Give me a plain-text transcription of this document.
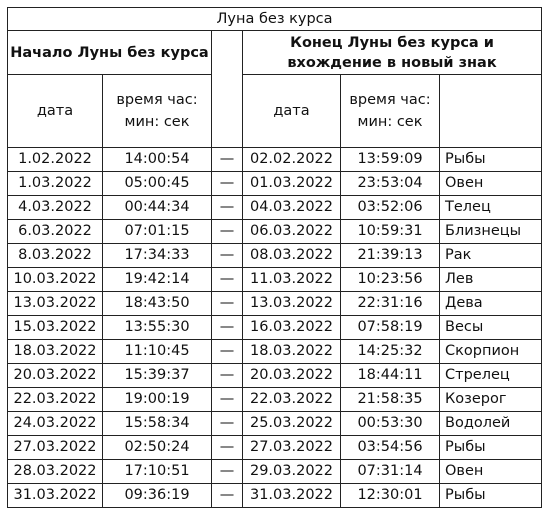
Луна без курса					
Начало Луны без курса			Конец Луны без курса и вхождение в новый знак		
дата	время час: мин: сек		дата	время час: мин: сек	
1.02.2022	14:00:54	—	02.02.2022	13:59:09	Рыбы
1.03.2022	05:00:45	—	01.03.2022	23:53:04	Овен
4.03.2022	00:44:34	—	04.03.2022	03:52:06	Телец
6.03.2022	07:01:15	—	06.03.2022	10:59:31	Близнецы
8.03.2022	17:34:33	—	08.03.2022	21:39:13	Рак
10.03.2022	19:42:14	—	11.03.2022	10:23:56	Лев
13.03.2022	18:43:50	—	13.03.2022	22:31:16	Дева
15.03.2022	13:55:30	—	16.03.2022	07:58:19	Весы
18.03.2022	11:10:45	—	18.03.2022	14:25:32	Скорпион
20.03.2022	15:39:37	—	20.03.2022	18:44:11	Стрелец
22.03.2022	19:00:19	—	22.03.2022	21:58:35	Козерог
24.03.2022	15:58:34	—	25.03.2022	00:53:30	Водолей
27.03.2022	02:50:24	—	27.03.2022	03:54:56	Рыбы
28.03.2022	17:10:51	—	29.03.2022	07:31:14	Овен
31.03.2022	09:36:19	—	31.03.2022	12:30:01	Рыбы
